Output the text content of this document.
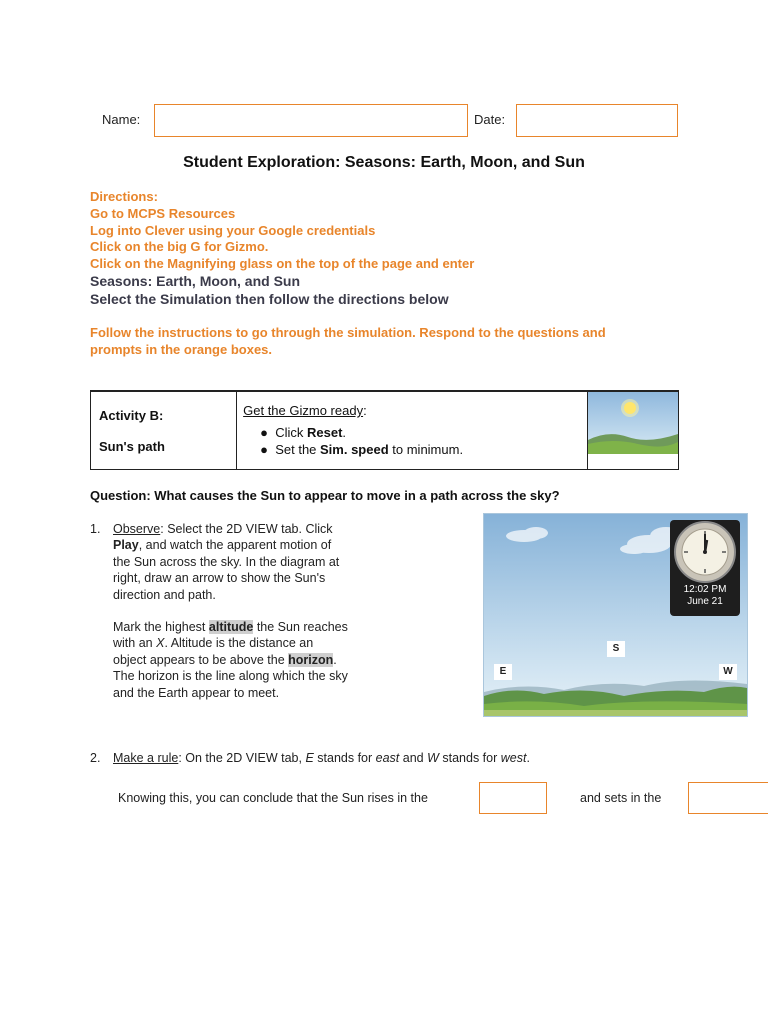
Name:	Date:
Student Exploration: Seasons: Earth, Moon, and Sun
Directions:
Go to MCPS Resources
Log into Clever using your Google credentials
Click on the big G for Gizmo.
Click on the Magnifying glass on the top of the page and enter
Seasons: Earth, Moon, and Sun
Select the Simulation then follow the directions below
Follow the instructions to go through the simulation. Respond to the questions and
prompts in the orange boxes.
Activity B:
Sun's path

Get the Gizmo ready:
●  Click Reset.
●  Set the Sim. speed to minimum.

Question: What causes the Sun to appear to move in a path across the sky?
1. Observe: Select the 2D VIEW tab. Click
Play, and watch the apparent motion of
the Sun across the sky. In the diagram at
right, draw an arrow to show the Sun's
direction and path.
Mark the highest altitude the Sun reaches
with an X. Altitude is the distance an
object appears to be above the horizon.
The horizon is the line along which the sky
and the Earth appear to meet.
12:02 PM
June 21
E
S
W
2. Make a rule: On the 2D VIEW tab, E stands for east and W stands for west.
Knowing this, you can conclude that the Sun rises in the	and sets in the
